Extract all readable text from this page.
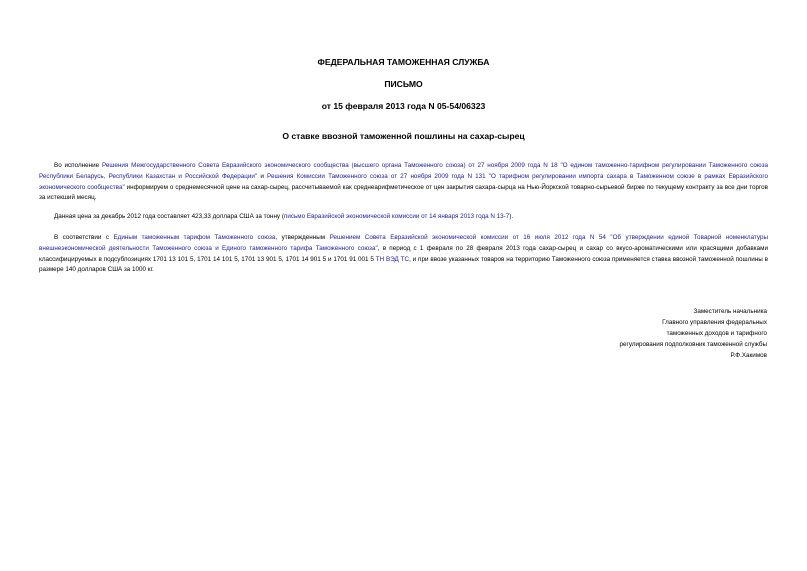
ФЕДЕРАЛЬНАЯ ТАМОЖЕННАЯ СЛУЖБА
ПИСЬМО
от 15 февраля 2013 года N 05-54/06323
О ставке ввозной таможенной пошлины на сахар-сырец
Во исполнение Решения Межгосударственного Совета Евразийского экономического сообщества (высшего органа Таможенного союза) от 27 ноября 2009 года N 18 "О едином таможенно-тарифном регулировании Таможенного союза Республики Беларусь, Республики Казахстан и Российской Федерации" и Решения Комиссии Таможенного союза от 27 ноября 2009 года N 131 "О тарифном регулировании импорта сахара в Таможенном союзе в рамках Евразийского экономического сообщества" информируем о среднемесячной цене на сахар-сырец, рассчитываемой как среднеарифметическое от цен закрытия сахара-сырца на Нью-Йоркской товарно-сырьевой бирже по текущему контракту за все дни торгов за истекший месяц.
Данная цена за декабрь 2012 года составляет 423,33 доллара США за тонну (письмо Евразийской экономической комиссии от 14 января 2013 года N 13-7).
В соответствии с Единым таможенным тарифом Таможенного союза, утвержденным Решением Совета Евразийской экономической комиссии от 16 июля 2012 года N 54 "Об утверждении единой Товарной номенклатуры внешнеэкономической деятельности Таможенного союза и Единого таможенного тарифа Таможенного союза", в период с 1 февраля по 28 февраля 2013 года сахар-сырец и сахар со вкусо-ароматическими или красящими добавками классифицируемых в подсубпозициях 1701 13 101 5, 1701 14 101 5, 1701 13 901 5, 1701 14 901 5 и 1701 91 001 5 ТН ВЭД ТС, и при ввозе указанных товаров на территорию Таможенного союза применяется ставка ввозной таможенной пошлины в размере 140 долларов США за 1000 кг.
Заместитель начальника
Главного управления федеральных
таможенных доходов и тарифного
регулирования подполковник таможенной службы
Р.Ф.Хакимов
